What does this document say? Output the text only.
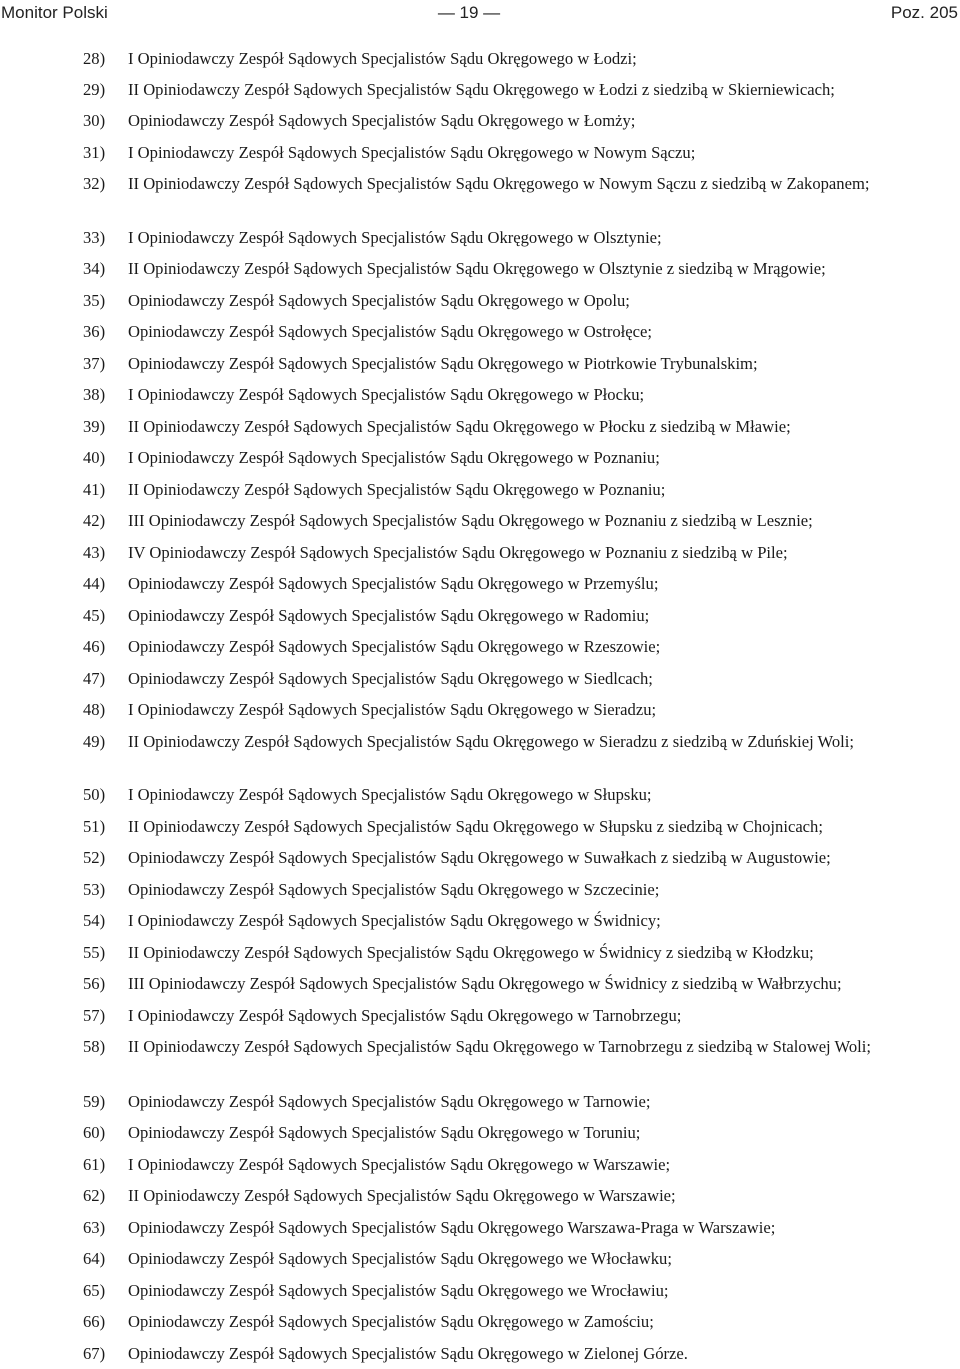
Monitor Polski	— 19 —	Poz. 205
28)	I Opiniodawczy Zespół Sądowych Specjalistów Sądu Okręgowego w Łodzi;
29)	II Opiniodawczy Zespół Sądowych Specjalistów Sądu Okręgowego w Łodzi z siedzibą w Skierniewicach;
30)	Opiniodawczy Zespół Sądowych Specjalistów Sądu Okręgowego w Łomży;
31)	I Opiniodawczy Zespół Sądowych Specjalistów Sądu Okręgowego w Nowym Sączu;
32)	II Opiniodawczy Zespół Sądowych Specjalistów Sądu Okręgowego w Nowym Sączu z siedzibą w Zakopanem;
33)	I Opiniodawczy Zespół Sądowych Specjalistów Sądu Okręgowego w Olsztynie;
34)	II Opiniodawczy Zespół Sądowych Specjalistów Sądu Okręgowego w Olsztynie z siedzibą w Mrągowie;
35)	Opiniodawczy Zespół Sądowych Specjalistów Sądu Okręgowego w Opolu;
36)	Opiniodawczy Zespół Sądowych Specjalistów Sądu Okręgowego w Ostrołęce;
37)	Opiniodawczy Zespół Sądowych Specjalistów Sądu Okręgowego w Piotrkowie Trybunalskim;
38)	I Opiniodawczy Zespół Sądowych Specjalistów Sądu Okręgowego w Płocku;
39)	II Opiniodawczy Zespół Sądowych Specjalistów Sądu Okręgowego w Płocku z siedzibą w Mławie;
40)	I Opiniodawczy Zespół Sądowych Specjalistów Sądu Okręgowego w Poznaniu;
41)	II Opiniodawczy Zespół Sądowych Specjalistów Sądu Okręgowego w Poznaniu;
42)	III Opiniodawczy Zespół Sądowych Specjalistów Sądu Okręgowego w Poznaniu z siedzibą w Lesznie;
43)	IV Opiniodawczy Zespół Sądowych Specjalistów Sądu Okręgowego w Poznaniu z siedzibą w Pile;
44)	Opiniodawczy Zespół Sądowych Specjalistów Sądu Okręgowego w Przemyślu;
45)	Opiniodawczy Zespół Sądowych Specjalistów Sądu Okręgowego w Radomiu;
46)	Opiniodawczy Zespół Sądowych Specjalistów Sądu Okręgowego w Rzeszowie;
47)	Opiniodawczy Zespół Sądowych Specjalistów Sądu Okręgowego w Siedlcach;
48)	I Opiniodawczy Zespół Sądowych Specjalistów Sądu Okręgowego w Sieradzu;
49)	II Opiniodawczy Zespół Sądowych Specjalistów Sądu Okręgowego w Sieradzu z siedzibą w Zduńskiej Woli;
50)	I Opiniodawczy Zespół Sądowych Specjalistów Sądu Okręgowego w Słupsku;
51)	II Opiniodawczy Zespół Sądowych Specjalistów Sądu Okręgowego w Słupsku z siedzibą w Chojnicach;
52)	Opiniodawczy Zespół Sądowych Specjalistów Sądu Okręgowego w Suwałkach z siedzibą w Augustowie;
53)	Opiniodawczy Zespół Sądowych Specjalistów Sądu Okręgowego w Szczecinie;
54)	I Opiniodawczy Zespół Sądowych Specjalistów Sądu Okręgowego w Świdnicy;
55)	II Opiniodawczy Zespół Sądowych Specjalistów Sądu Okręgowego w Świdnicy z siedzibą w Kłodzku;
56)	III Opiniodawczy Zespół Sądowych Specjalistów Sądu Okręgowego w Świdnicy z siedzibą w Wałbrzychu;
57)	I Opiniodawczy Zespół Sądowych Specjalistów Sądu Okręgowego w Tarnobrzegu;
58)	II Opiniodawczy Zespół Sądowych Specjalistów Sądu Okręgowego w Tarnobrzegu z siedzibą w Stalowej Woli;
59)	Opiniodawczy Zespół Sądowych Specjalistów Sądu Okręgowego w Tarnowie;
60)	Opiniodawczy Zespół Sądowych Specjalistów Sądu Okręgowego w Toruniu;
61)	I Opiniodawczy Zespół Sądowych Specjalistów Sądu Okręgowego w Warszawie;
62)	II Opiniodawczy Zespół Sądowych Specjalistów Sądu Okręgowego w Warszawie;
63)	Opiniodawczy Zespół Sądowych Specjalistów Sądu Okręgowego Warszawa-Praga w Warszawie;
64)	Opiniodawczy Zespół Sądowych Specjalistów Sądu Okręgowego we Włocławku;
65)	Opiniodawczy Zespół Sądowych Specjalistów Sądu Okręgowego we Wrocławiu;
66)	Opiniodawczy Zespół Sądowych Specjalistów Sądu Okręgowego w Zamościu;
67)	Opiniodawczy Zespół Sądowych Specjalistów Sądu Okręgowego w Zielonej Górze.
